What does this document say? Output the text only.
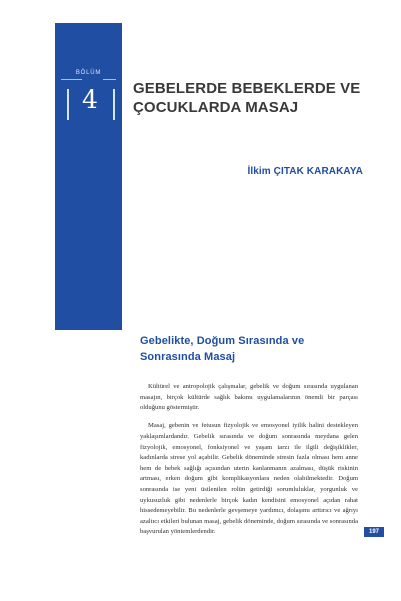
BÖLÜM
4	GEBELERDE BEBEKLERDE VE
ÇOCUKLARDA MASAJ
İlkim ÇITAK KARAKAYA
Gebelikte, Doğum Sırasında ve
Sonrasında Masaj

Kültürel ve antropolojik çalışmalar, gebelik ve doğum sırasında uygulanan masajın, birçok kültürde sağlık bakımı uygulamalarının önemli bir parçası olduğunu göstermiştir.

Masaj, gebenin ve fetusun fizyolojik ve emosyonel iyilik halini destekleyen yaklaşımlardandır. Gebelik sırasında ve doğum sonrasında meydana gelen fizyolojik, emosyonel, fonksiyonel ve yaşam tarzı ile ilgili değişiklikler, kadınlarda strese yol açabilir. Gebelik döneminde stresin fazla olması hem anne hem de bebek sağlığı açısından uterin kanlanmanın azalması, düşük riskinin artması, erken doğum gibi komplikasyonlara neden olabilmektedir. Doğum sonrasında ise yeni üstlenilen rolün getirdiği sorumluluklar, yorgunluk ve uykusuzluk gibi nedenlerle birçok kadın kendisini emosyonel açıdan rahat hissedemeyebilir. Bu nedenlerle gevşemeye yardımcı, dolaşımı arttırıcı ve ağrıyı azaltıcı etkileri bulunan masaj, gebelik döneminde, doğum sırasında ve sonrasında başvurulan yöntemlerdendir.	197
